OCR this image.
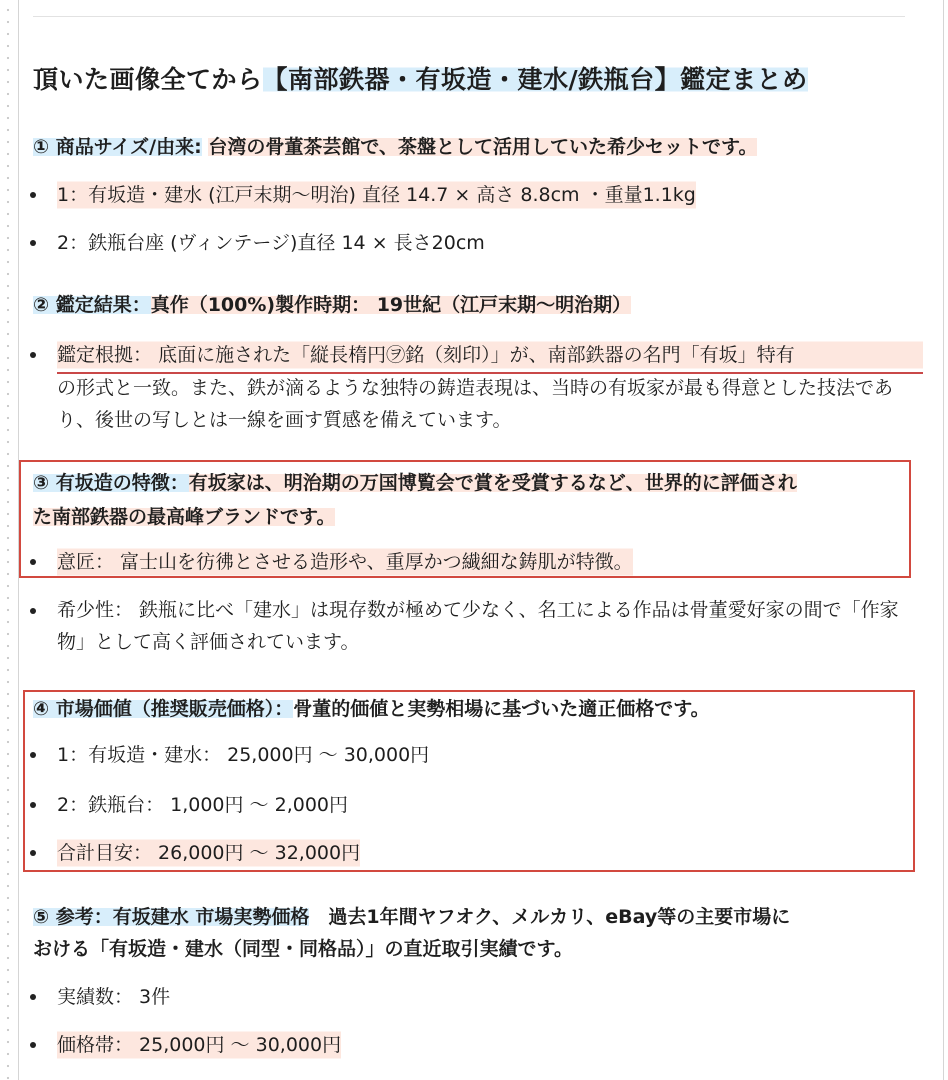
頂いた画像全てから【南部鉄器・有坂造・建水/鉄瓶台】鑑定まとめ
① 商品サイズ/由来: 台湾の骨董茶芸館で、茶盤として活用していた希少セットです。
1：有坂造・建水 (江戸末期〜明治) 直径 14.7 × 高さ 8.8cm ・重量1.1kg
2：鉄瓶台座 (ヴィンテージ)直径 14 × 長さ20cm
② 鑑定結果：真作（100%)製作時期： 19世紀（江戸末期〜明治期）
鑑定根拠： 底面に施された「縦長楕円㋾銘（刻印）」が、南部鉄器の名門「有坂」特有
の形式と一致。また、鉄が滴るような独特の鋳造表現は、当時の有坂家が最も得意とした技法であり、後世の写しとは一線を画す質感を備えています。
③ 有坂造の特徴：有坂家は、明治期の万国博覧会で賞を受賞するなど、世界的に評価され
た南部鉄器の最高峰ブランドです。
意匠： 富士山を彷彿とさせる造形や、重厚かつ繊細な鋳肌が特徴。
希少性： 鉄瓶に比べ「建水」は現存数が極めて少なく、名工による作品は骨董愛好家の間で「作家物」として高く評価されています。
④ 市場価値（推奨販売価格）：骨董的価値と実勢相場に基づいた適正価格です。
1：有坂造・建水： 25,000円 〜 30,000円
2：鉄瓶台： 1,000円 〜 2,000円
合計目安： 26,000円 〜 32,000円
⑤ 参考：有坂建水 市場実勢価格　 過去1年間ヤフオク、メルカリ、eBay等の主要市場に
おける「有坂造・建水（同型・同格品）」の直近取引実績です。
実績数： 3件
価格帯： 25,000円 〜 30,000円
